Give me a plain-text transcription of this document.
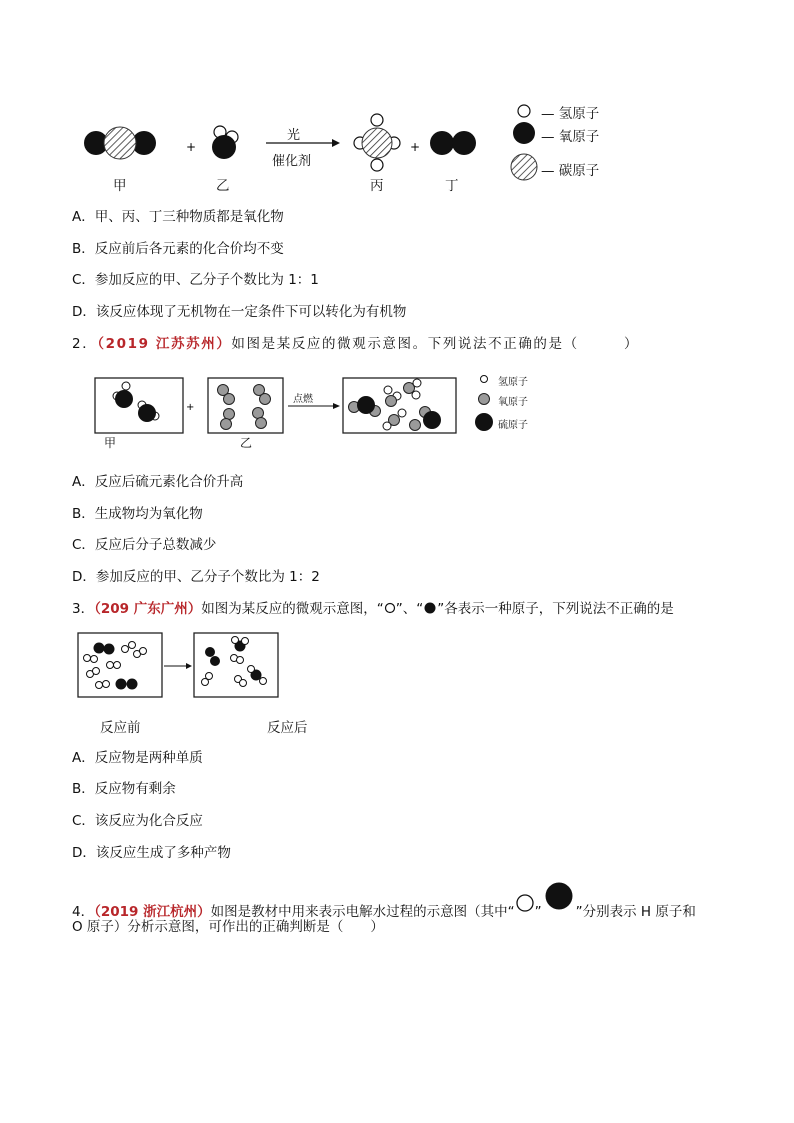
+	+
光
催化剂
甲	乙	丙	丁
— 氢原子
— 氧原子
— 碳原子
A．甲、丙、丁三种物质都是氧化物
B．反应前后各元素的化合价均不变
C．参加反应的甲、乙分子个数比为 1：1
D．该反应体现了无机物在一定条件下可以转化为有机物
2．（2019 江苏苏州）如图是某反应的微观示意图。下列说法不正确的是（　　　）
+
点燃
甲	乙
氢原子
氧原子
硫原子
A．反应后硫元素化合价升高
B．生成物均为氧化物
C．反应后分子总数减少
D．参加反应的甲、乙分子个数比为 1：2
3．（209 广东广州）如图为某反应的微观示意图，“ ”、“ ”各表示一种原子，下列说法不正确的是
反应前	反应后
A．反应物是两种单质
B．反应物有剩余
C．该反应为化合反应
D．该反应生成了多种产物
4．（2019 浙江杭州）如图是教材中用来表示电解水过程的示意图（其中“ ”	”分别表示 H 原子和
O 原子）分析示意图，可作出的正确判断是（　　）
